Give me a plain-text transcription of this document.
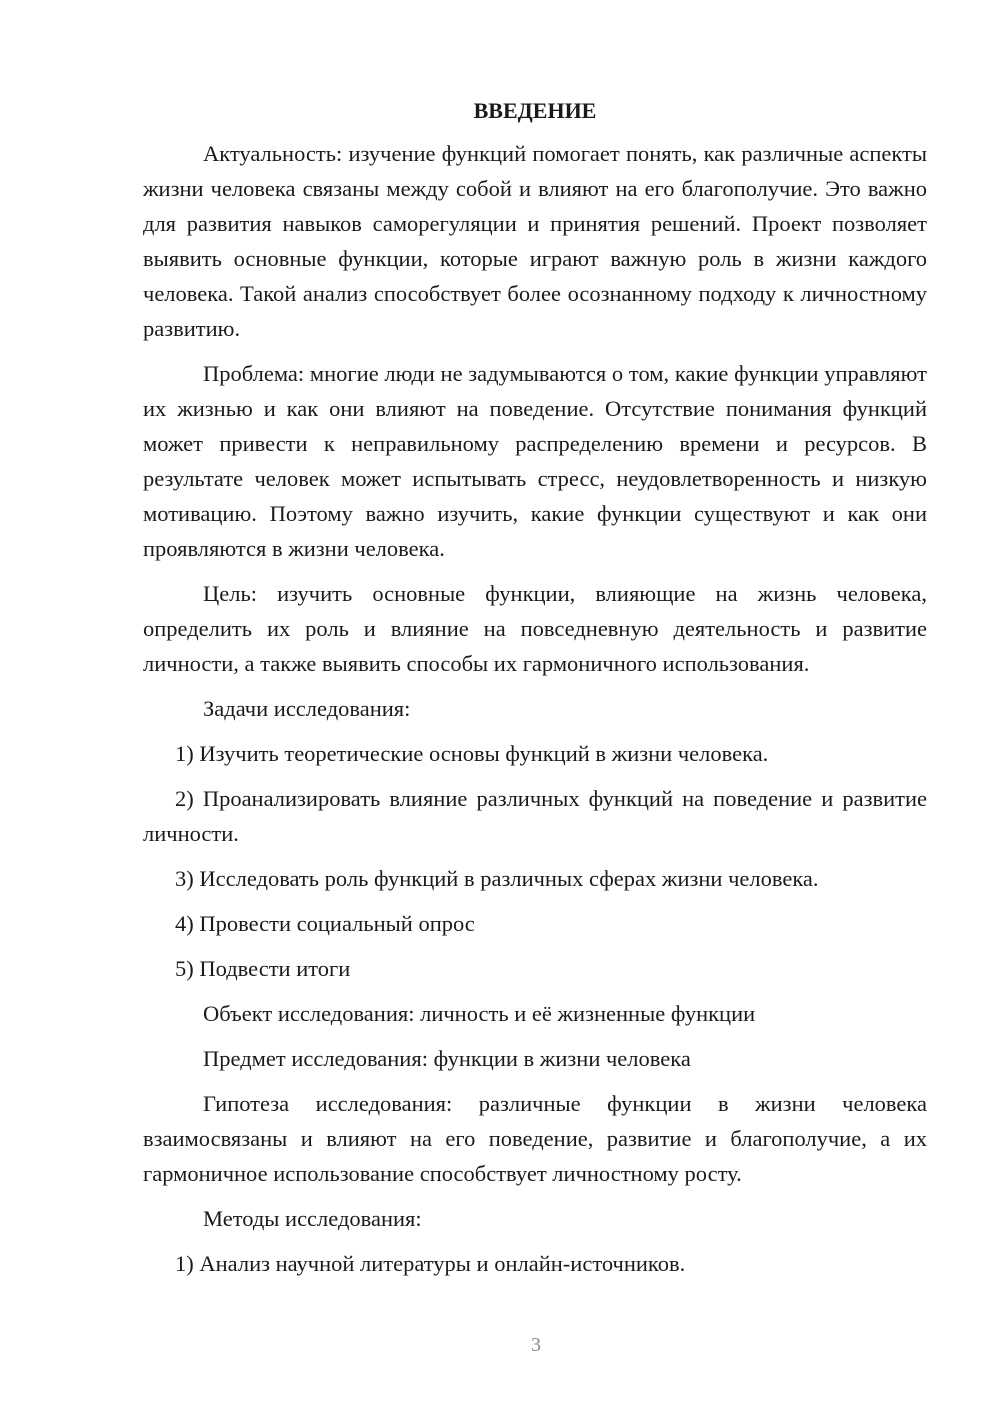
ВВЕДЕНИЕ

Актуальность: изучение функций помогает понять, как различные аспекты жизни человека связаны между собой и влияют на его благополучие. Это важно для развития навыков саморегуляции и принятия решений. Проект позволяет выявить основные функции, которые играют важную роль в жизни каждого человека. Такой анализ способствует более осознанному подходу к личностному развитию.

Проблема: многие люди не задумываются о том, какие функции управляют их жизнью и как они влияют на поведение. Отсутствие понимания функций может привести к неправильному распределению времени и ресурсов. В результате человек может испытывать стресс, неудовлетворенность и низкую мотивацию. Поэтому важно изучить, какие функции существуют и как они проявляются в жизни человека.

Цель: изучить основные функции, влияющие на жизнь человека, определить их роль и влияние на повседневную деятельность и развитие личности, а также выявить способы их гармоничного использования.

Задачи исследования:

1) Изучить теоретические основы функций в жизни человека.

2) Проанализировать влияние различных функций на поведение и развитие личности.

3) Исследовать роль функций в различных сферах жизни человека.

4) Провести социальный опрос

5) Подвести итоги

Объект исследования: личность и её жизненные функции

Предмет исследования: функции в жизни человека

Гипотеза исследования: различные функции в жизни человека взаимосвязаны и влияют на его поведение, развитие и благополучие, а их гармоничное использование способствует личностному росту.

Методы исследования:

1) Анализ научной литературы и онлайн-источников.

3
